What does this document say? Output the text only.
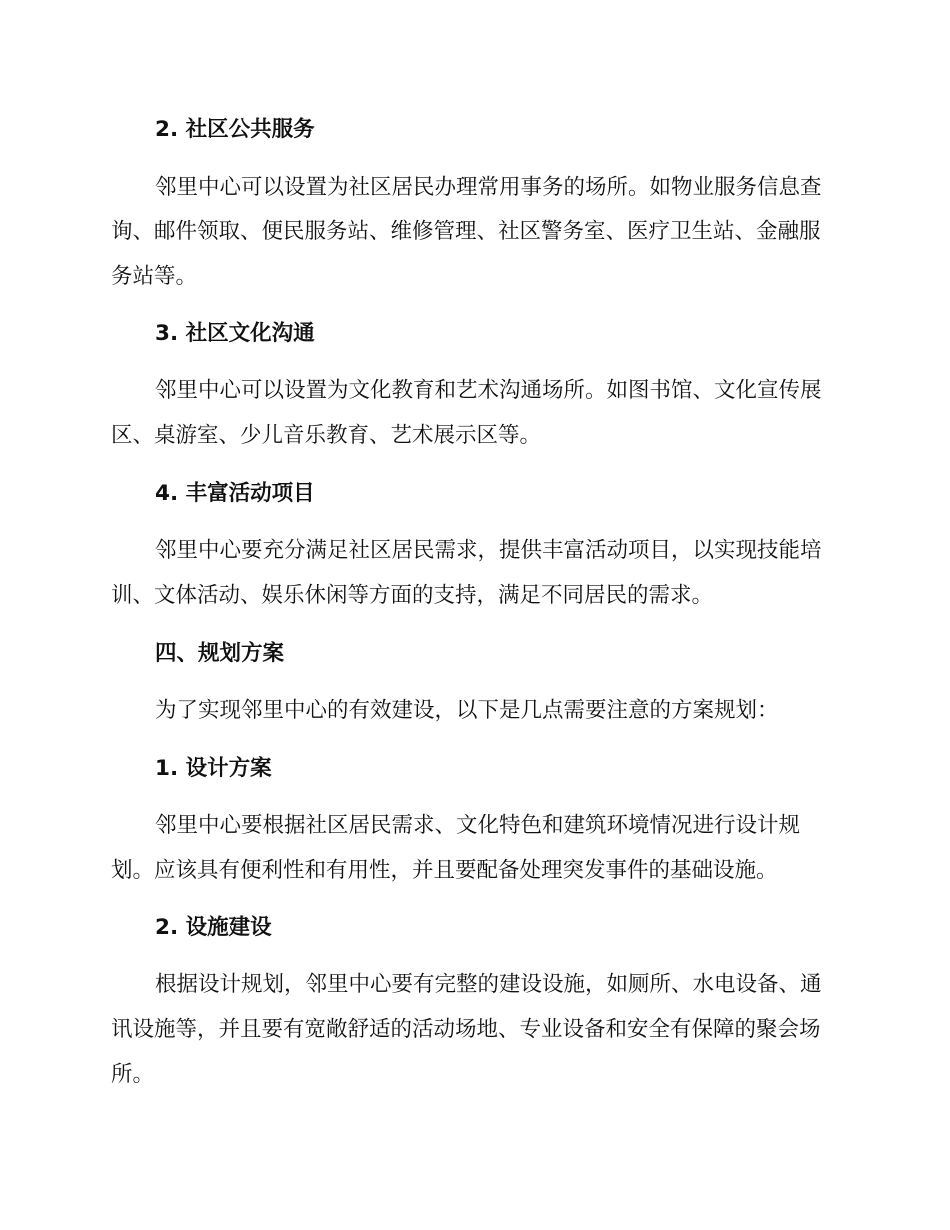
2. 社区公共服务
邻里中心可以设置为社区居民办理常用事务的场所。如物业服务信息查
询、邮件领取、便民服务站、维修管理、社区警务室、医疗卫生站、金融服
务站等。
3. 社区文化沟通
邻里中心可以设置为文化教育和艺术沟通场所。如图书馆、文化宣传展
区、桌游室、少儿音乐教育、艺术展示区等。
4. 丰富活动项目
邻里中心要充分满足社区居民需求，提供丰富活动项目，以实现技能培
训、文体活动、娱乐休闲等方面的支持，满足不同居民的需求。
四、规划方案
为了实现邻里中心的有效建设，以下是几点需要注意的方案规划：
1. 设计方案
邻里中心要根据社区居民需求、文化特色和建筑环境情况进行设计规
划。应该具有便利性和有用性，并且要配备处理突发事件的基础设施。
2. 设施建设
根据设计规划，邻里中心要有完整的建设设施，如厕所、水电设备、通
讯设施等，并且要有宽敞舒适的活动场地、专业设备和安全有保障的聚会场
所。
